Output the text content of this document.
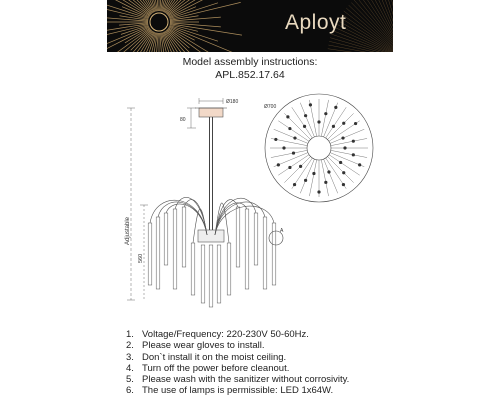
Aployt
Model assembly instructions:
APL.852.17.64
Ø180
80
Adjustable
560
A
Ø700
1. Voltage/Frequency: 220-230V 50-60Hz.
2. Please wear gloves to install.
3. Don`t install it on the moist ceiling.
4. Turn off the power before cleanout.
5. Please wash with the sanitizer without corrosivity.
6. The use of lamps is permissible: LED 1x64W.
